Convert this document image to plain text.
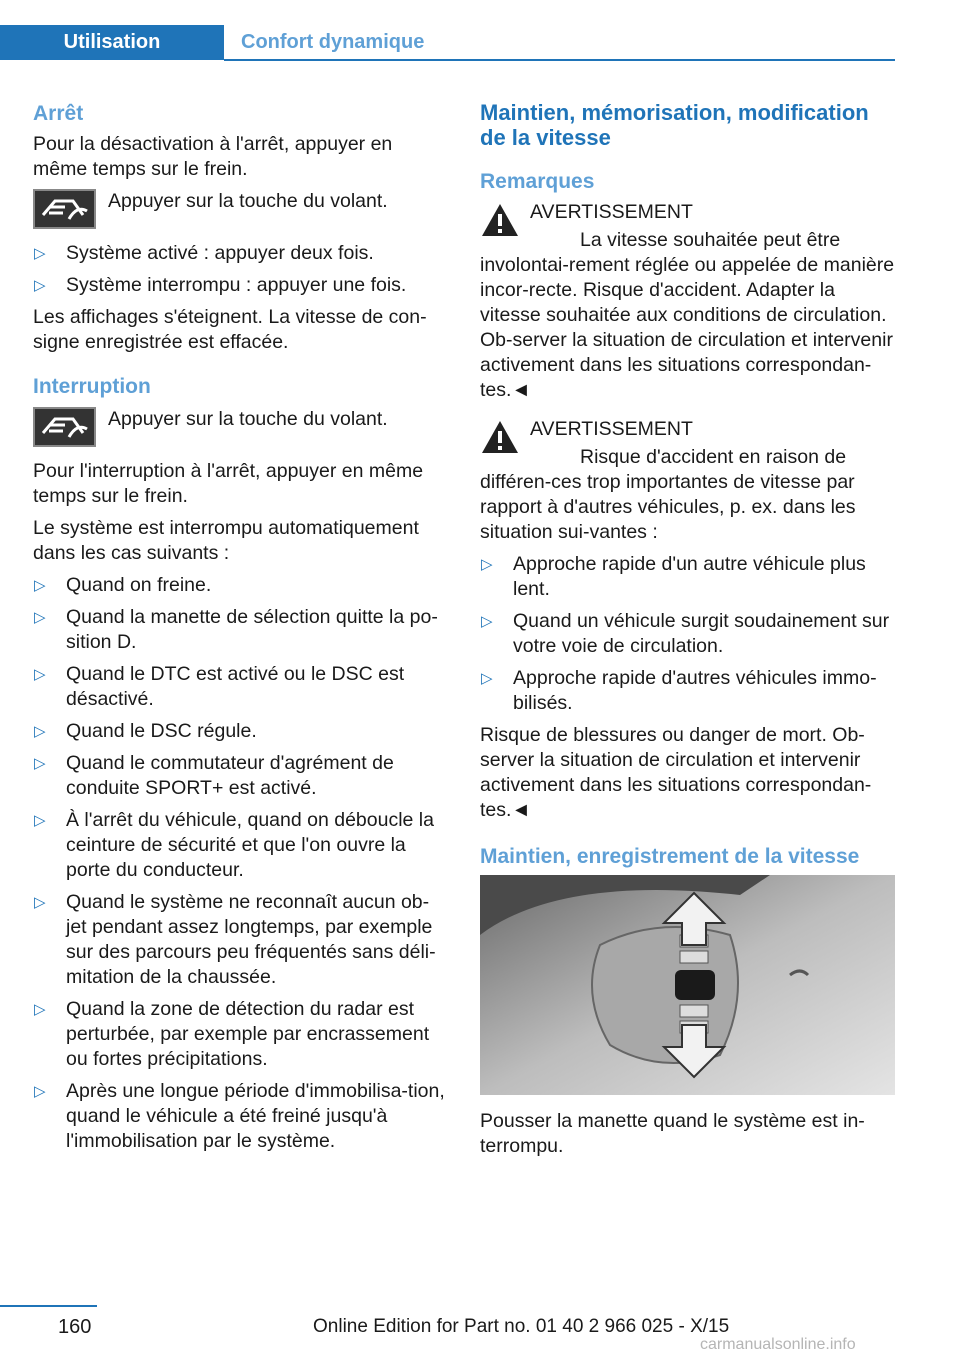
Utilisation	Confort dynamique
Arrêt

Pour la désactivation à l'arrêt, appuyer en même temps sur le frein.

Appuyer sur la touche du volant.
▷ Système activé : appuyer deux fois.
▷ Système interrompu : appuyer une fois.

Les affichages s'éteignent. La vitesse de con-signe enregistrée est effacée.

Interruption
Appuyer sur la touche du volant.

Pour l'interruption à l'arrêt, appuyer en même temps sur le frein.

Le système est interrompu automatiquement dans les cas suivants :

▷ Quand on freine.
▷ Quand la manette de sélection quitte la po-sition D.
▷ Quand le DTC est activé ou le DSC est désactivé.
▷ Quand le DSC régule.
▷ Quand le commutateur d'agrément de conduite SPORT+ est activé.
▷ À l'arrêt du véhicule, quand on déboucle la ceinture de sécurité et que l'on ouvre la porte du conducteur.
▷ Quand le système ne reconnaît aucun ob-jet pendant assez longtemps, par exemple sur des parcours peu fréquentés sans déli-mitation de la chaussée.
▷ Quand la zone de détection du radar est perturbée, par exemple par encrassement ou fortes précipitations.
▷ Après une longue période d'immobilisa-tion, quand le véhicule a été freiné jusqu'à l'immobilisation par le système.
Maintien, mémorisation, modification de la vitesse
Remarques
AVERTISSEMENT

La vitesse souhaitée peut être involontai-rement réglée ou appelée de manière incor-recte. Risque d'accident. Adapter la vitesse souhaitée aux conditions de circulation. Ob-server la situation de circulation et intervenir activement dans les situations correspondan-tes.◄

AVERTISSEMENT

Risque d'accident en raison de différen-ces trop importantes de vitesse par rapport à d'autres véhicules, p. ex. dans les situation sui-vantes :

▷ Approche rapide d'un autre véhicule plus lent.
▷ Quand un véhicule surgit soudainement sur votre voie de circulation.
▷ Approche rapide d'autres véhicules immo-bilisés.

Risque de blessures ou danger de mort. Ob-server la situation de circulation et intervenir activement dans les situations correspondan-tes.◄

Maintien, enregistrement de la vitesse

Pousser la manette quand le système est in-terrompu.

160	Online Edition for Part no. 01 40 2 966 025 - X/15
carmanualsonline.info
